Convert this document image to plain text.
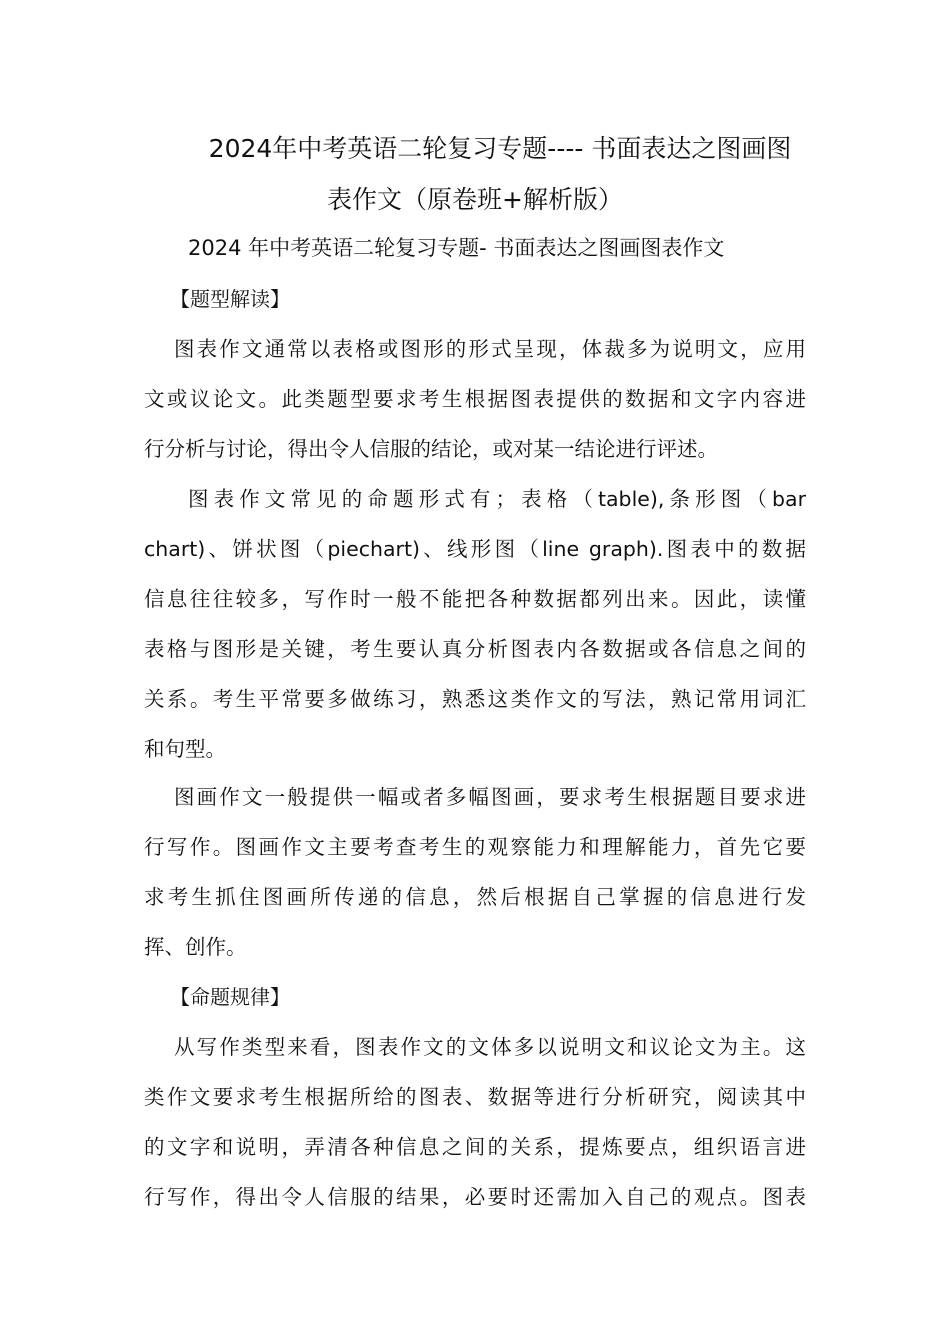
2024年中考英语二轮复习专题---- 书面表达之图画图
表作文（原卷班+解析版）

2024 年中考英语二轮复习专题- 书面表达之图画图表作文

【题型解读】

图表作文通常以表格或图形的形式呈现，体裁多为说明文，应用
文或议论文。此类题型要求考生根据图表提供的数据和文字内容进
行分析与讨论，得出令人信服的结论，或对某一结论进行评述。
图表作文常见的命题形式有；表格（table),条形图（bar
chart)、饼状图（piechart)、线形图（line graph).图表中的数据
信息往往较多，写作时一般不能把各种数据都列出来。因此，读懂
表格与图形是关键，考生要认真分析图表内各数据或各信息之间的
关系。考生平常要多做练习，熟悉这类作文的写法，熟记常用词汇
和句型。
图画作文一般提供一幅或者多幅图画，要求考生根据题目要求进
行写作。图画作文主要考查考生的观察能力和理解能力，首先它要
求考生抓住图画所传递的信息，然后根据自己掌握的信息进行发
挥、创作。

【命题规律】

从写作类型来看，图表作文的文体多以说明文和议论文为主。这
类作文要求考生根据所给的图表、数据等进行分析研究，阅读其中
的文字和说明，弄清各种信息之间的关系，提炼要点，组织语言进
行写作，得出令人信服的结果，必要时还需加入自己的观点。图表
